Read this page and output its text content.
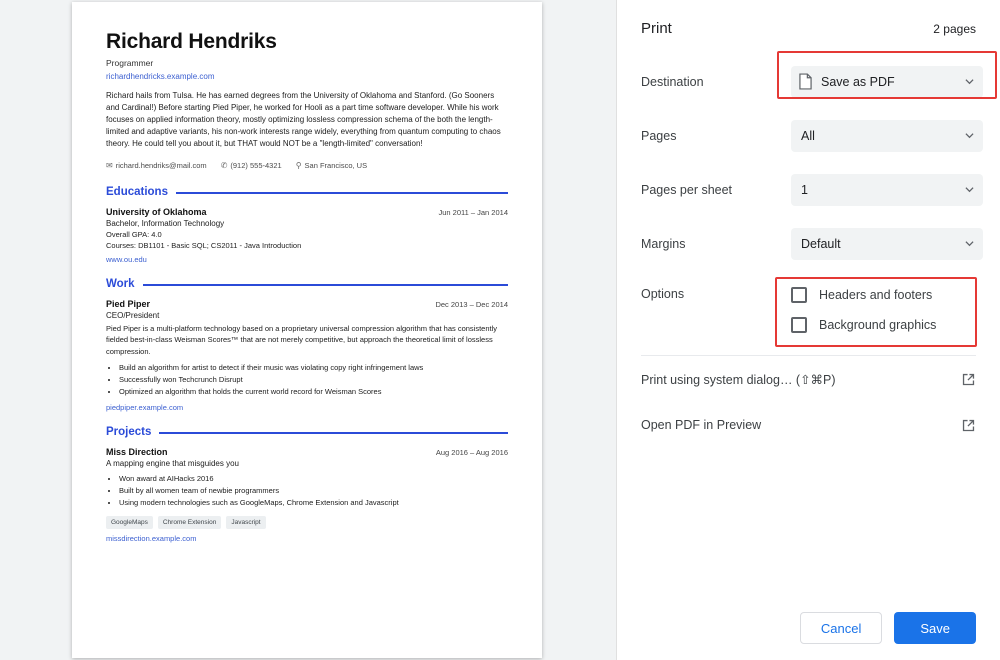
Richard Hendriks
Programmer
richardhendricks.example.com
Richard hails from Tulsa. He has earned degrees from the University of Oklahoma and Stanford. (Go Sooners and Cardinal!) Before starting Pied Piper, he worked for Hooli as a part time software developer. While his work focuses on applied information theory, mostly optimizing lossless compression schema of the both the length-limited and adaptive variants, his non-work interests range widely, everything from quantum computing to chaos theory. He could tell you about it, but THAT would NOT be a "length-limited" conversation!
✉ richard.hendriks@mail.com ✆ (912) 555-4321 ⚲ San Francisco, US
Educations
University of Oklahoma	Jun 2011 – Jan 2014
Bachelor, Information Technology
Overall GPA: 4.0
Courses: DB1101 - Basic SQL; CS2011 - Java Introduction
www.ou.edu
Work
Pied Piper	Dec 2013 – Dec 2014
CEO/President
Pied Piper is a multi-platform technology based on a proprietary universal compression algorithm that has consistently fielded best-in-class Weisman Scores™ that are not merely competitive, but approach the theoretical limit of lossless compression.
• Build an algorithm for artist to detect if their music was violating copy right infringement laws
• Successfully won Techcrunch Disrupt
• Optimized an algorithm that holds the current world record for Weisman Scores
piedpiper.example.com
Projects
Miss Direction	Aug 2016 – Aug 2016
A mapping engine that misguides you
• Won award at AIHacks 2016
• Built by all women team of newbie programmers
• Using modern technologies such as GoogleMaps, Chrome Extension and Javascript
GoogleMaps	Chrome Extension	Javascript
missdirection.example.com
Print	2 pages
Destination	Save as PDF
Pages	All
Pages per sheet	1
Margins	Default
Options	Headers and footers
Background graphics
Print using system dialog… (⇧⌘P)
Open PDF in Preview
Cancel	Save
